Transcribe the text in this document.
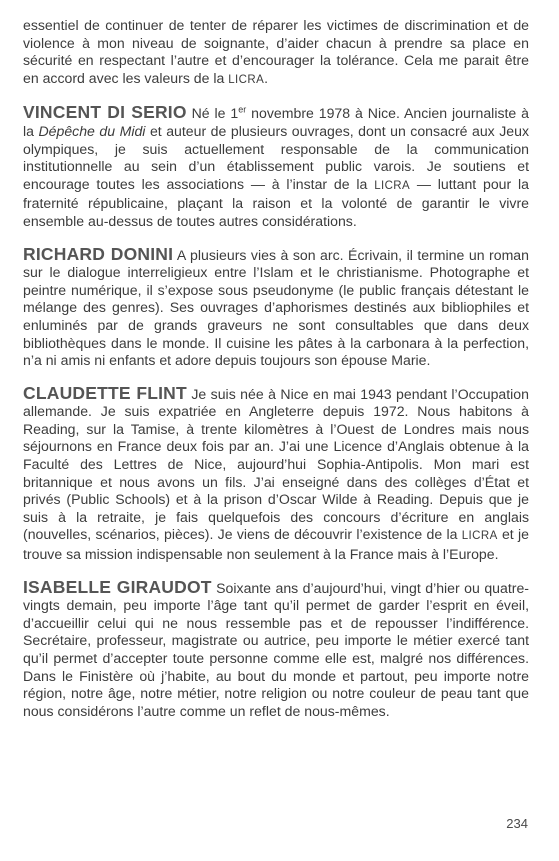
essentiel de continuer de tenter de réparer les victimes de discrimination et de violence à mon niveau de soignante, d’aider chacun à prendre sa place en sécurité en respectant l’autre et d’encourager la tolérance. Cela me parait être en accord avec les valeurs de la LICRA.

VINCENT DI SERIO Né le 1er novembre 1978 à Nice. Ancien journaliste à la Dépêche du Midi et auteur de plusieurs ouvrages, dont un consacré aux Jeux olympiques, je suis actuellement responsable de la communication institutionnelle au sein d’un établissement public varois. Je soutiens et encourage toutes les associations — à l’instar de la LICRA — luttant pour la fraternité républicaine, plaçant la raison et la volonté de garantir le vivre ensemble au-dessus de toutes autres considérations.

RICHARD DONINI A plusieurs vies à son arc. Écrivain, il termine un roman sur le dialogue interreligieux entre l’Islam et le christianisme. Photographe et peintre numérique, il s’expose sous pseudonyme (le public français détestant le mélange des genres). Ses ouvrages d’aphorismes destinés aux bibliophiles et enluminés par de grands graveurs ne sont consultables que dans deux bibliothèques dans le monde. Il cuisine les pâtes à la carbonara à la perfection, n’a ni amis ni enfants et adore depuis toujours son épouse Marie.

CLAUDETTE FLINT Je suis née à Nice en mai 1943 pendant l’Occupation allemande. Je suis expatriée en Angleterre depuis 1972. Nous habitons à Reading, sur la Tamise, à trente kilomètres à l’Ouest de Londres mais nous séjournons en France deux fois par an. J’ai une Licence d’Anglais obtenue à la Faculté des Lettres de Nice, aujourd’hui Sophia-Antipolis. Mon mari est britannique et nous avons un fils. J’ai enseigné dans des collèges d’État et privés (Public Schools) et à la prison d’Oscar Wilde à Reading. Depuis que je suis à la retraite, je fais quelquefois des concours d’écriture en anglais (nouvelles, scénarios, pièces). Je viens de découvrir l’existence de la LICRA et je trouve sa mission indispensable non seulement à la France mais à l’Europe.

ISABELLE GIRAUDOT Soixante ans d’aujourd’hui, vingt d’hier ou quatre-vingts demain, peu importe l’âge tant qu’il permet de garder l’esprit en éveil, d’accueillir celui qui ne nous ressemble pas et de repousser l’indifférence. Secrétaire, professeur, magistrate ou autrice, peu importe le métier exercé tant qu’il permet d’accepter toute personne comme elle est, malgré nos différences. Dans le Finistère où j’habite, au bout du monde et partout, peu importe notre région, notre âge, notre métier, notre religion ou notre couleur de peau tant que nous considérons l’autre comme un reflet de nous-mêmes.

234
